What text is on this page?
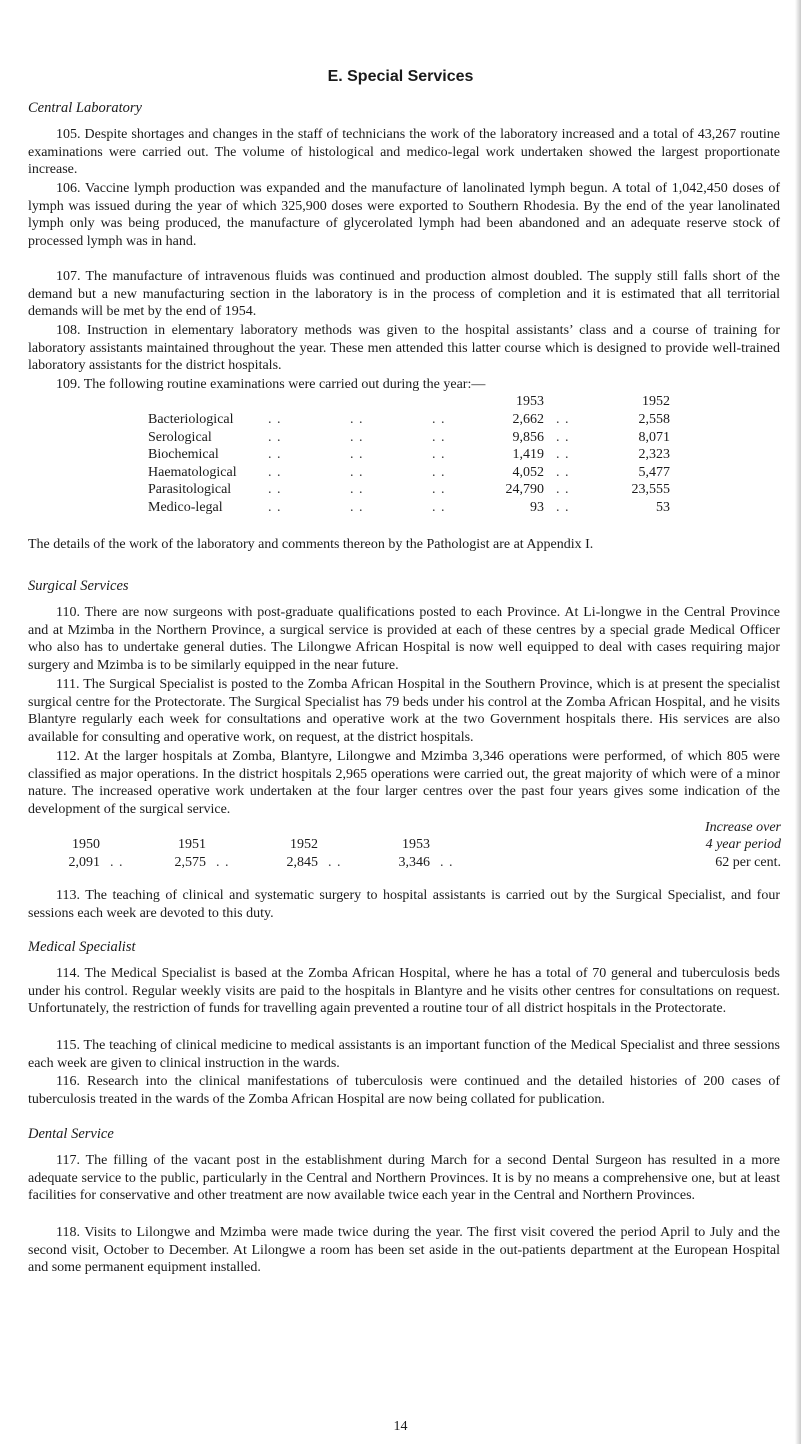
E. Special Services
Central Laboratory

105. Despite shortages and changes in the staff of technicians the work of the laboratory increased and a total of 43,267 routine examinations were carried out. The volume of histological and medico-legal work undertaken showed the largest proportionate increase.

106. Vaccine lymph production was expanded and the manufacture of lanolinated lymph begun. A total of 1,042,450 doses of lymph was issued during the year of which 325,900 doses were exported to Southern Rhodesia. By the end of the year lanolinated lymph only was being produced, the manufacture of glycerolated lymph had been abandoned and an adequate reserve stock of processed lymph was in hand.

107. The manufacture of intravenous fluids was continued and production almost doubled. The supply still falls short of the demand but a new manufacturing section in the laboratory is in the process of completion and it is estimated that all territorial demands will be met by the end of 1954.

108. Instruction in elementary laboratory methods was given to the hospital assistants’ class and a course of training for laboratory assistants maintained throughout the year. These men attended this latter course which is designed to provide well-trained laboratory assistants for the district hospitals.

109. The following routine examinations were carried out during the year:—

1953	1952
Bacteriological . .	. .	. .	2,662 . .	2,558
Serological	. .	. .	. .	9,856 . .	8,071
Biochemical	. .	. .	. .	1,419 . .	2,323
Haematological . .	. .	. .	4,052 . .	5,477
Parasitological	. .	. .	. .	24,790 . .	23,555
Medico-legal	. .	. .	. .	93 . .	53

The details of the work of the laboratory and comments thereon by the Pathologist are at Appendix I.

Surgical Services

110. There are now surgeons with post-graduate qualifications posted to each Province. At Li-longwe in the Central Province and at Mzimba in the Northern Province, a surgical service is provided at each of these centres by a special grade Medical Officer who also has to undertake general duties. The Lilongwe African Hospital is now well equipped to deal with cases requiring major surgery and Mzimba is to be similarly equipped in the near future.

111. The Surgical Specialist is posted to the Zomba African Hospital in the Southern Province, which is at present the specialist surgical centre for the Protectorate. The Surgical Specialist has 79 beds under his control at the Zomba African Hospital, and he visits Blantyre regularly each week for consultations and operative work at the two Government hospitals there. His services are also available for consulting and operative work, on request, at the district hospitals.

112. At the larger hospitals at Zomba, Blantyre, Lilongwe and Mzimba 3,346 operations were performed, of which 805 were classified as major operations. In the district hospitals 2,965 operations were carried out, the great majority of which were of a minor nature. The increased operative work undertaken at the four larger centres over the past four years gives some indication of the development of the surgical service.

Increase over
4 year period
1950	1951	1952	1953
2,091 . .	2,575 . .	2,845 . .	3,346 . .	62 per cent.

113. The teaching of clinical and systematic surgery to hospital assistants is carried out by the Surgical Specialist, and four sessions each week are devoted to this duty.

Medical Specialist

114. The Medical Specialist is based at the Zomba African Hospital, where he has a total of 70 general and tuberculosis beds under his control. Regular weekly visits are paid to the hospitals in Blantyre and he visits other centres for consultations on request. Unfortunately, the restriction of funds for travelling again prevented a routine tour of all district hospitals in the Protectorate.

115. The teaching of clinical medicine to medical assistants is an important function of the Medical Specialist and three sessions each week are given to clinical instruction in the wards.

116. Research into the clinical manifestations of tuberculosis were continued and the detailed histories of 200 cases of tuberculosis treated in the wards of the Zomba African Hospital are now being collated for publication.

Dental Service

117. The filling of the vacant post in the establishment during March for a second Dental Surgeon has resulted in a more adequate service to the public, particularly in the Central and Northern Provinces. It is by no means a comprehensive one, but at least facilities for conservative and other treatment are now available twice each year in the Central and Northern Provinces.

118. Visits to Lilongwe and Mzimba were made twice during the year. The first visit covered the period April to July and the second visit, October to December. At Lilongwe a room has been set aside in the out-patients department at the European Hospital and some permanent equipment installed.

14
